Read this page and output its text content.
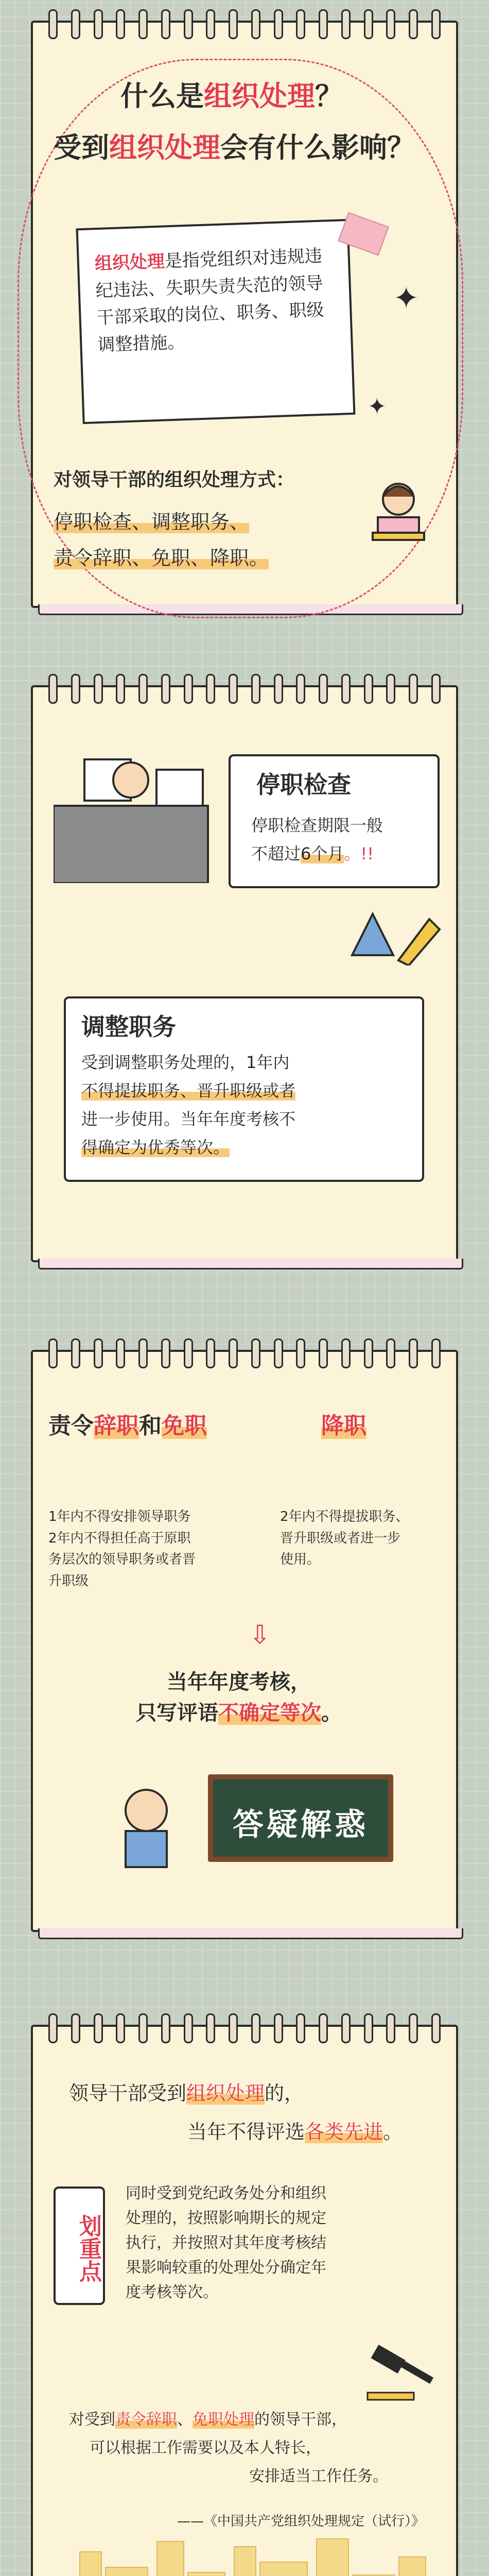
什么是组织处理？
受到组织处理会有什么影响？
组织处理是指党组织对违规违纪违法、失职失责失范的领导干部采取的岗位、职务、职级调整措施。
✦
✦
对领导干部的组织处理方式：
停职检查、调整职务、
责令辞职、免职、降职。
停职检查
停职检查期限一般
不超过6个月。!!
调整职务
受到调整职务处理的，1年内
不得提拔职务、晋升职级或者
进一步使用。当年年度考核不
得确定为优秀等次。
责令辞职和免职	降职
1年内不得安排领导职务
2年内不得担任高于原职
务层次的领导职务或者晋
升职级
2年内不得提拔职务、
晋升职级或者进一步
使用。
⇩
当年年度考核，
只写评语不确定等次。
答疑解惑
领导干部受到组织处理的，
当年不得评选各类先进。
划重点
同时受到党纪政务处分和组织
处理的，按照影响期长的规定
执行，并按照对其年度考核结
果影响较重的处理处分确定年
度考核等次。
对受到责令辞职、免职处理的领导干部，
可以根据工作需要以及本人特长，
安排适当工作任务。
——《中国共产党组织处理规定（试行）》
